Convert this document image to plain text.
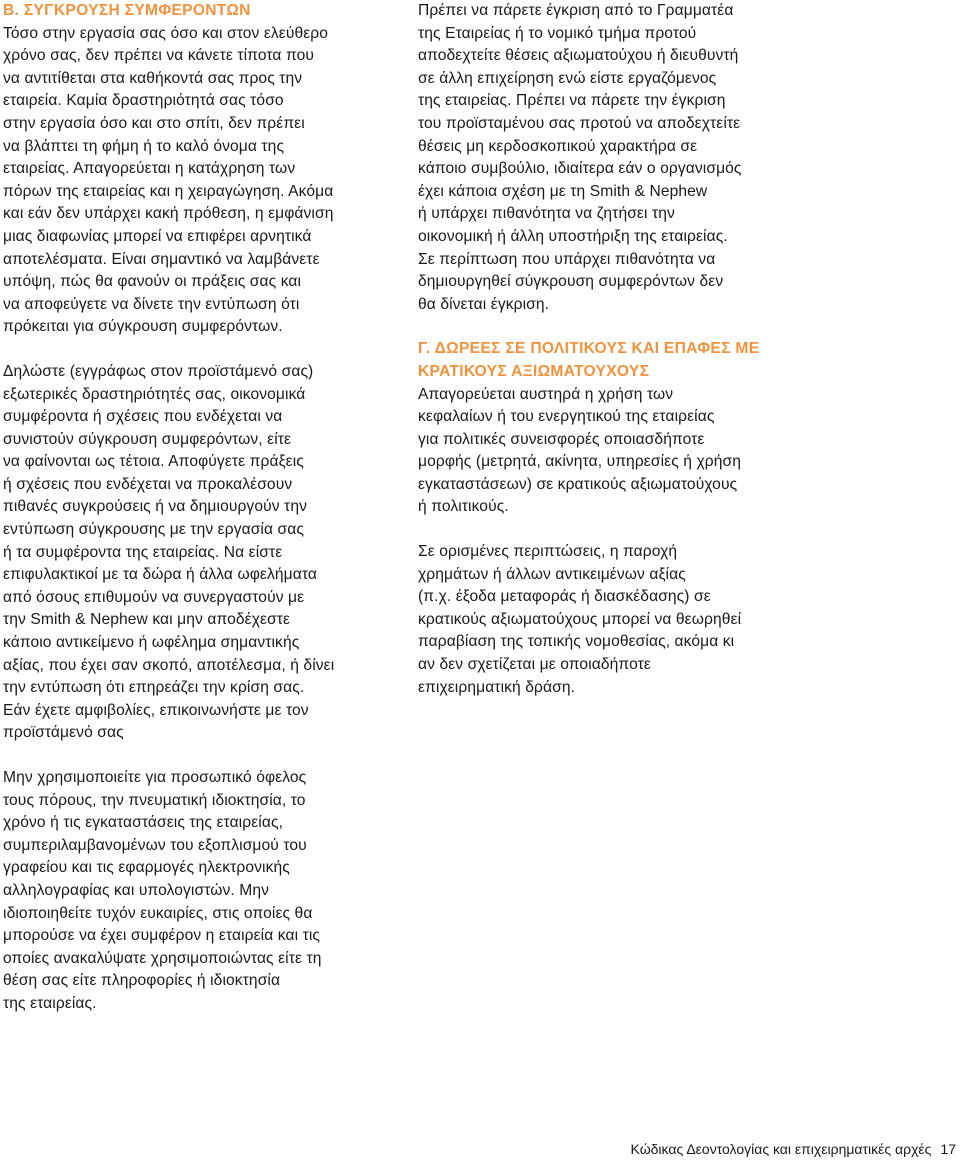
B. ΣΥΓΚΡΟΥΣΗ ΣΥΜΦΕΡΟΝΤΩΝ
Τόσο στην εργασία σας όσο και στον ελεύθερο
χρόνο σας, δεν πρέπει να κάνετε τίποτα που
να αντιτίθεται στα καθήκοντά σας προς την
εταιρεία. Καμία δραστηριότητά σας τόσο
στην εργασία όσο και στο σπίτι, δεν πρέπει
να βλάπτει τη φήμη ή το καλό όνομα της
εταιρείας. Απαγορεύεται η κατάχρηση των
πόρων της εταιρείας και η χειραγώγηση. Ακόμα
και εάν δεν υπάρχει κακή πρόθεση, η εμφάνιση
μιας διαφωνίας μπορεί να επιφέρει αρνητικά
αποτελέσματα. Είναι σημαντικό να λαμβάνετε
υπόψη, πώς θα φανούν οι πράξεις σας και
να αποφεύγετε να δίνετε την εντύπωση ότι
πρόκειται για σύγκρουση συμφερόντων.
Δηλώστε (εγγράφως στον προϊστάμενό σας)
εξωτερικές δραστηριότητές σας, οικονομικά
συμφέροντα ή σχέσεις που ενδέχεται να
συνιστούν σύγκρουση συμφερόντων, είτε
να φαίνονται ως τέτοια. Αποφύγετε πράξεις
ή σχέσεις που ενδέχεται να προκαλέσουν
πιθανές συγκρούσεις ή να δημιουργούν την
εντύπωση σύγκρουσης με την εργασία σας
ή τα συμφέροντα της εταιρείας. Να είστε
επιφυλακτικοί με τα δώρα ή άλλα ωφελήματα
από όσους επιθυμούν να συνεργαστούν με
την Smith & Nephew και μην αποδέχεστε
κάποιο αντικείμενο ή ωφέλημα σημαντικής
αξίας, που έχει σαν σκοπό, αποτέλεσμα, ή δίνει
την εντύπωση ότι επηρεάζει την κρίση σας.
Εάν έχετε αμφιβολίες, επικοινωνήστε με τον
προϊστάμενό σας
Μην χρησιμοποιείτε για προσωπικό όφελος
τους πόρους, την πνευματική ιδιοκτησία, το
χρόνο ή τις εγκαταστάσεις της εταιρείας,
συμπεριλαμβανομένων του εξοπλισμού του
γραφείου και τις εφαρμογές ηλεκτρονικής
αλληλογραφίας και υπολογιστών. Μην
ιδιοποιηθείτε τυχόν ευκαιρίες, στις οποίες θα
μπορούσε να έχει συμφέρον η εταιρεία και τις
οποίες ανακαλύψατε χρησιμοποιώντας είτε τη
θέση σας είτε πληροφορίες ή ιδιοκτησία
της εταιρείας.
Πρέπει να πάρετε έγκριση από το Γραμματέα
της Εταιρείας ή το νομικό τμήμα προτού
αποδεχτείτε θέσεις αξιωματούχου ή διευθυντή
σε άλλη επιχείρηση ενώ είστε εργαζόμενος
της εταιρείας. Πρέπει να πάρετε την έγκριση
του προϊσταμένου σας προτού να αποδεχτείτε
θέσεις μη κερδοσκοπικού χαρακτήρα σε
κάποιο συμβούλιο, ιδιαίτερα εάν ο οργανισμός
έχει κάποια σχέση με τη Smith & Nephew
ή υπάρχει πιθανότητα να ζητήσει την
οικονομική ή άλλη υποστήριξη της εταιρείας.
Σε περίπτωση που υπάρχει πιθανότητα να
δημιουργηθεί σύγκρουση συμφερόντων δεν
θα δίνεται έγκριση.
Γ. ΔΩΡΕΕΣ ΣΕ ΠΟΛΙΤΙΚΟΥΣ ΚΑΙ ΕΠΑΦΕΣ ΜΕ
ΚΡΑΤΙΚΟΥΣ ΑΞΙΩΜΑΤΟΥΧΟΥΣ
Απαγορεύεται αυστηρά η χρήση των
κεφαλαίων ή του ενεργητικού της εταιρείας
για πολιτικές συνεισφορές οποιασδήποτε
μορφής (μετρητά, ακίνητα, υπηρεσίες ή χρήση
εγκαταστάσεων) σε κρατικούς αξιωματούχους
ή πολιτικούς.
Σε ορισμένες περιπτώσεις, η παροχή
χρημάτων ή άλλων αντικειμένων αξίας
(π.χ. έξοδα μεταφοράς ή διασκέδασης) σε
κρατικούς αξιωματούχους μπορεί να θεωρηθεί
παραβίαση της τοπικής νομοθεσίας, ακόμα κι
αν δεν σχετίζεται με οποιαδήποτε
επιχειρηματική δράση.
Κώδικας Δεοντολογίας και επιχειρηματικές αρχές 17
